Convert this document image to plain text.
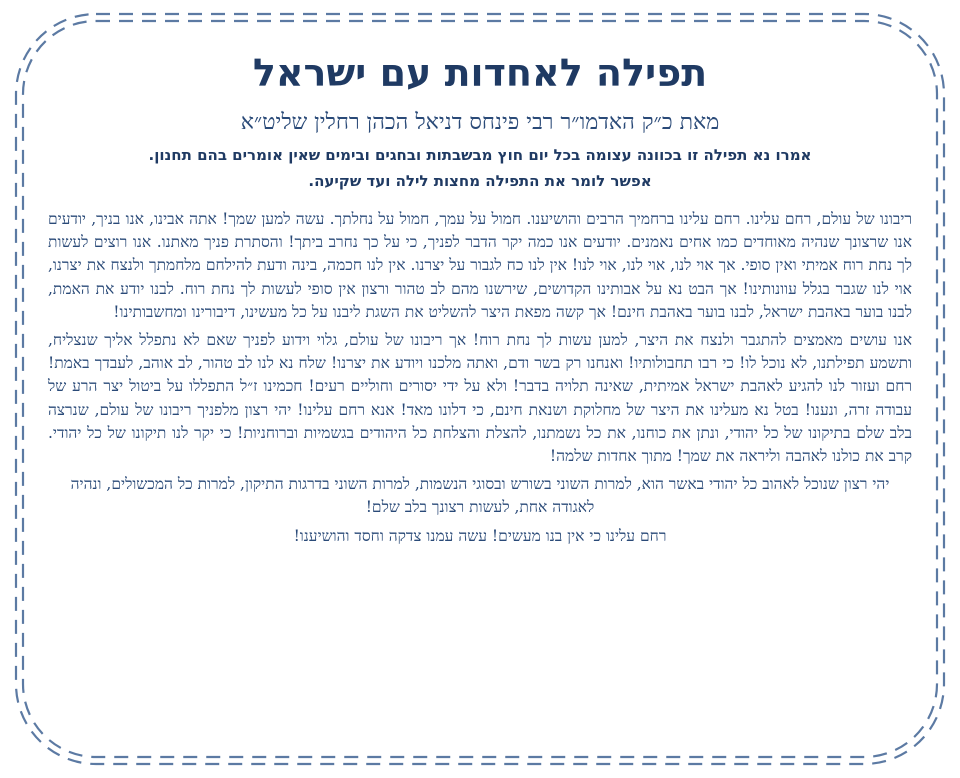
תפילה לאחדות עם ישראל
מאת כ״ק האדמו״ר רבי פינחס דניאל הכהן רחלין שליט״א
אמרו נא תפילה זו בכוונה עצומה בכל יום חוץ מבשבתות ובחגים ובימים שאין אומרים בהם תחנון.
אפשר לומר את התפילה מחצות לילה ועד שקיעה.

ריבונו של עולם, רחם עלינו. רחם עלינו ברחמיך הרבים והושיענו. חמול על עמך, חמול על נחלתך. עשה למען שמך! אתה אבינו, אנו בניך, יודעים אנו שרצונך שנהיה מאוחדים כמו אחים נאמנים. יודעים אנו כמה יקר הדבר לפניך, כי על כך נחרב ביתך! והסתרת פניך מאתנו. אנו רוצים לעשות לך נחת רוח אמיתי ואין סופי. אך אוי לנו, אוי לנו, אוי לנו! אין לנו כח לגבור על יצרנו. אין לנו חכמה, בינה ודעת להילחם מלחמתך ולנצח את יצרנו, אוי לנו שגבר בגלל עוונותינו! אך הבט נא על אבותינו הקדושים, שירשנו מהם לב טהור ורצון אין סופי לעשות לך נחת רוח. לבנו יודע את האמת, לבנו בוער באהבת ישראל, לבנו בוער באהבת חינם! אך קשה מפאת היצר להשליט את השגת ליבנו על כל מעשינו, דיבורינו ומחשבותינו!

אנו עושים מאמצים להתגבר ולנצח את היצר, למען עשות לך נחת רוח! אך ריבונו של עולם, גלוי וידוע לפניך שאם לא נתפלל אליך שנצליח, ותשמע תפילתנו, לא נוכל לו! כי רבו תחבולותיו! ואנחנו רק בשר ודם, ואתה מלכנו ויודע את יצרנו! שלח נא לנו לב טהור, לב אוהב, לעבדך באמת! רחם ועזור לנו להגיע לאהבת ישראל אמיתית, שאינה תלויה בדבר! ולא על ידי יסורים וחוליים רעים! חכמינו ז״ל התפללו על ביטול יצר הרע של עבודה זרה, ונענו! בטל נא מעלינו את היצר של מחלוקת ושנאת חינם, כי דלונו מאד! אנא רחם עלינו! יהי רצון מלפניך ריבונו של עולם, שנרצה בלב שלם בתיקונו של כל יהודי, ונתן את כוחנו, את כל נשמתנו, להצלת והצלחת כל היהודים בגשמיות וברוחניות! כי יקר לנו תיקונו של כל יהודי. קרב את כולנו לאהבה וליראה את שמך! מתוך אחדות שלמה!

יהי רצון שנוכל לאהוב כל יהודי באשר הוא, למרות השוני בשורש ובסוגי הנשמות, למרות השוני בדרגות התיקון, למרות כל המכשולים, ונהיה לאגודה אחת, לעשות רצונך בלב שלם!

רחם עלינו כי אין בנו מעשים! עשה עמנו צדקה וחסד והושיענו!
